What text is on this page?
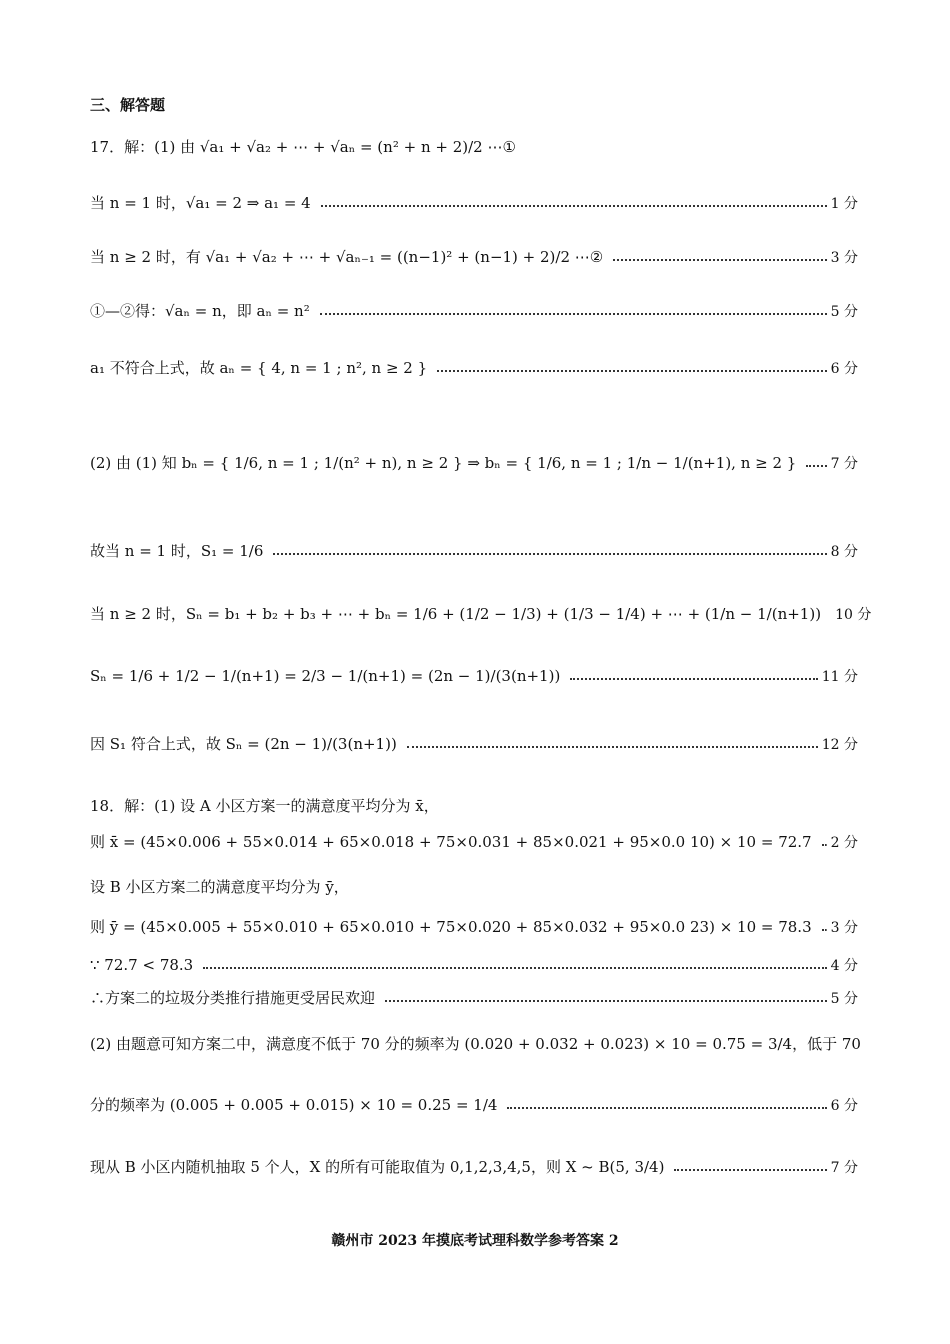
三、解答题
17．解：(1) 由 √a₁ + √a₂ + ⋯ + √aₙ = (n² + n + 2)/2 ⋯①
当 n = 1 时，√a₁ = 2 ⇒ a₁ = 4	1 分
当 n ≥ 2 时，有 √a₁ + √a₂ + ⋯ + √aₙ₋₁ = ((n−1)² + (n−1) + 2)/2 ⋯②	3 分
①—②得：√aₙ = n，即 aₙ = n²	5 分
a₁ 不符合上式，故 aₙ = { 4, n = 1 ; n², n ≥ 2 }	6 分
(2) 由 (1) 知 bₙ = { 1/6, n = 1 ; 1/(n² + n), n ≥ 2 } ⇒ bₙ = { 1/6, n = 1 ; 1/n − 1/(n+1), n ≥ 2 } 7 分
故当 n = 1 时，S₁ = 1/6	8 分
当 n ≥ 2 时，Sₙ = b₁ + b₂ + b₃ + ⋯ + bₙ = 1/6 + (1/2 − 1/3) + (1/3 − 1/4) + ⋯ + (1/n − 1/(n+1)) 10 分
Sₙ = 1/6 + 1/2 − 1/(n+1) = 2/3 − 1/(n+1) = (2n − 1)/(3(n+1))	11 分
因 S₁ 符合上式，故 Sₙ = (2n − 1)/(3(n+1))	12 分
18．解：(1) 设 A 小区方案一的满意度平均分为 x̄，
则 x̄ = (45×0.006 + 55×0.014 + 65×0.018 + 75×0.031 + 85×0.021 + 95×0.0 10) × 10 = 72.7 2 分
设 B 小区方案二的满意度平均分为 ȳ，
则 ȳ = (45×0.005 + 55×0.010 + 65×0.010 + 75×0.020 + 85×0.032 + 95×0.0 23) × 10 = 78.3 3 分
∵ 72.7 < 78.3	4 分
∴方案二的垃圾分类推行措施更受居民欢迎	5 分
(2) 由题意可知方案二中，满意度不低于 70 分的频率为 (0.020 + 0.032 + 0.023) × 10 = 0.75 = 3/4，低于 70
分的频率为 (0.005 + 0.005 + 0.015) × 10 = 0.25 = 1/4	6 分
现从 B 小区内随机抽取 5 个人，X 的所有可能取值为 0,1,2,3,4,5，则 X ~ B(5, 3/4)	7 分
赣州市 2023 年摸底考试理科数学参考答案 2
